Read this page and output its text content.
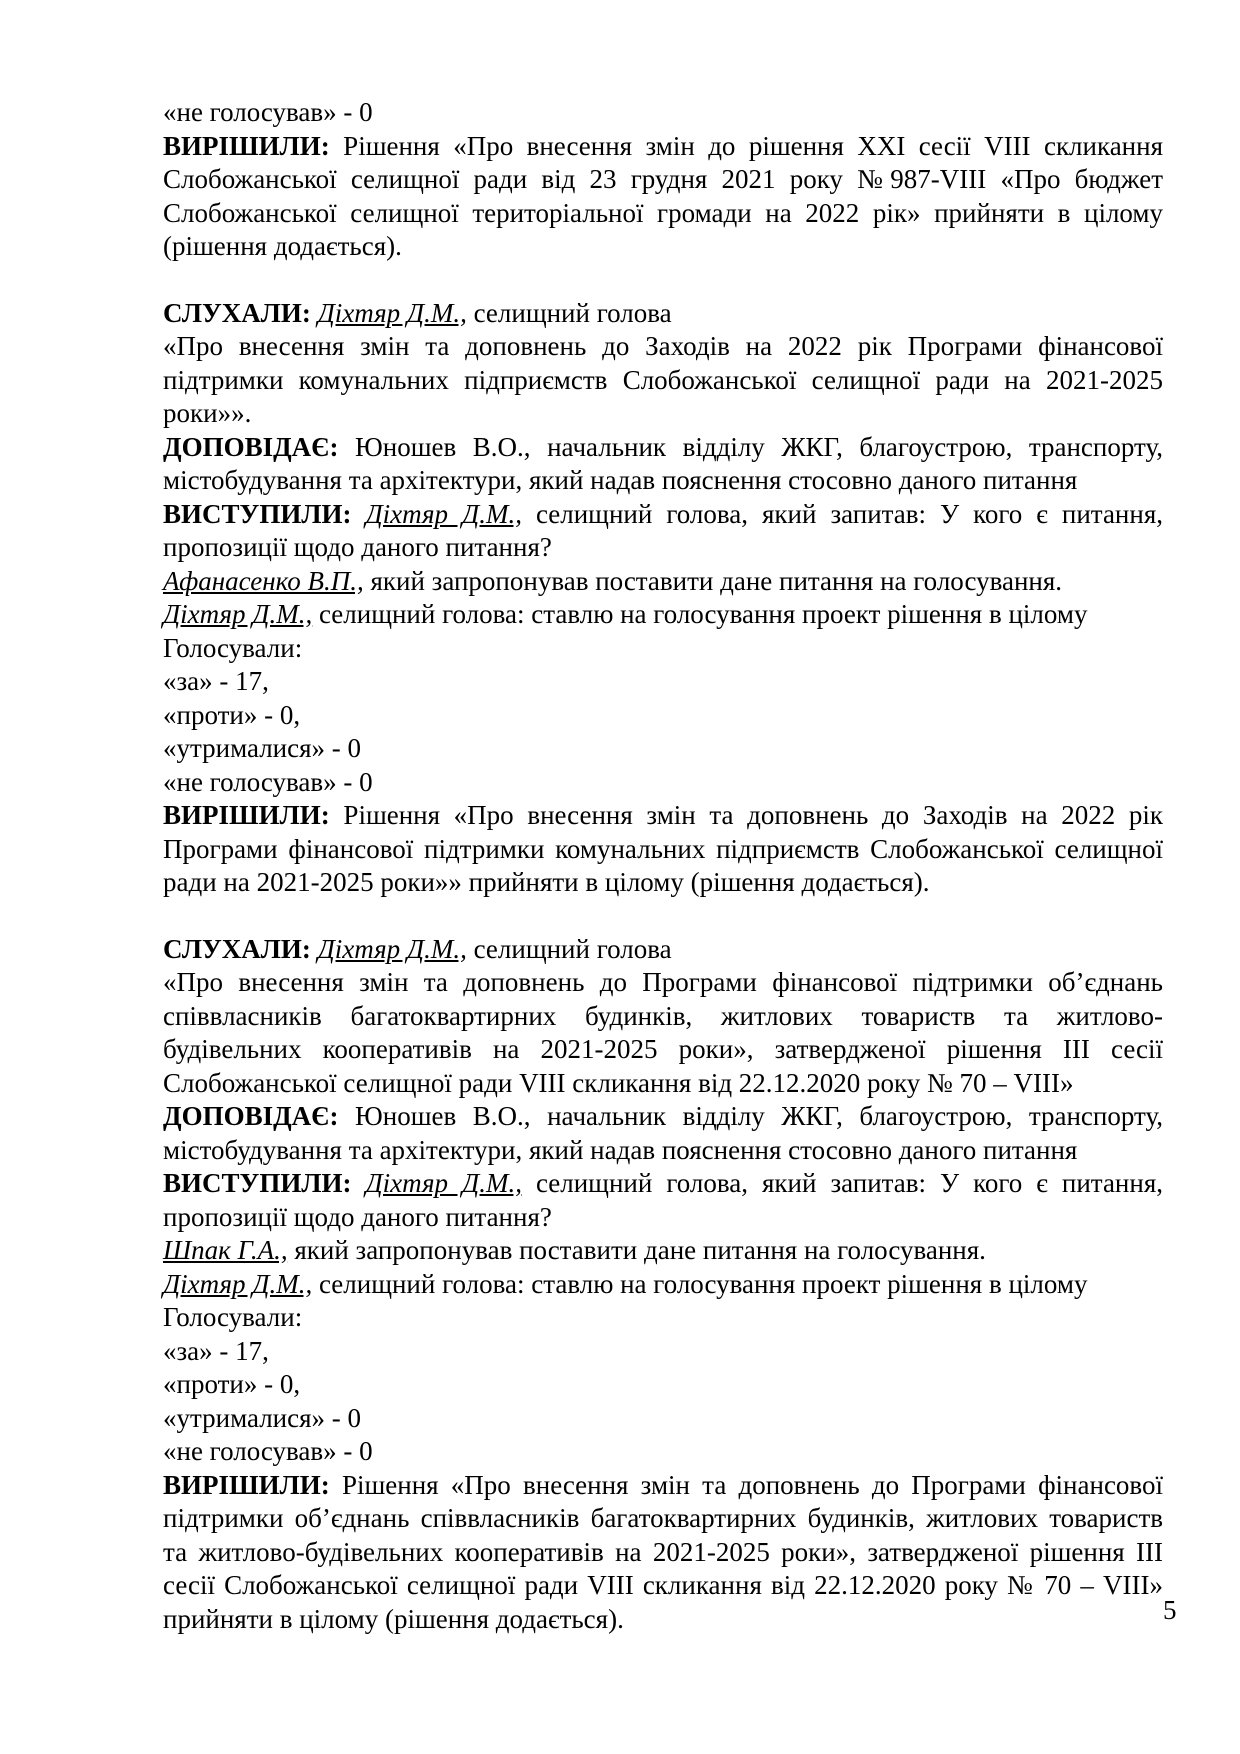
«не голосував» - 0

ВИРІШИЛИ: Рішення «Про внесення змін до рішення XXI сесії VIII скликання Слобожанської селищної ради від 23 грудня 2021 року №987-VIII «Про бюджет Слобожанської селищної територіальної громади на 2022 рік» прийняти в цілому (рішення додається).

СЛУХАЛИ: Діхтяр Д.М., селищний голова

«Про внесення змін та доповнень до Заходів на 2022 рік Програми фінансової підтримки комунальних підприємств Слобожанської селищної ради на 2021-2025 роки»».

ДОПОВІДАЄ: Юношев В.О., начальник відділу ЖКГ, благоустрою, транспорту, містобудування та архітектури, який надав пояснення стосовно даного питання

ВИСТУПИЛИ: Діхтяр Д.М., селищний голова, який запитав: У кого є питання, пропозиції щодо даного питання?

Афанасенко В.П., який запропонував поставити дане питання на голосування.

Діхтяр Д.М., селищний голова: ставлю на голосування проект рішення в цілому

Голосували:

«за» - 17,

«проти» - 0,

«утрималися» - 0

«не голосував» - 0

ВИРІШИЛИ: Рішення «Про внесення змін та доповнень до Заходів на 2022 рік Програми фінансової підтримки комунальних підприємств Слобожанської селищної ради на 2021-2025 роки»» прийняти в цілому (рішення додається).

СЛУХАЛИ: Діхтяр Д.М., селищний голова

«Про внесення змін та доповнень до Програми фінансової підтримки об’єднань співвласників багатоквартирних будинків, житлових товариств та житлово-будівельних кооперативів на 2021-2025 роки», затвердженої рішення ІІІ сесії Слобожанської селищної ради VIII скликання від 22.12.2020 року № 70 – VIII»

ДОПОВІДАЄ: Юношев В.О., начальник відділу ЖКГ, благоустрою, транспорту, містобудування та архітектури, який надав пояснення стосовно даного питання

ВИСТУПИЛИ: Діхтяр Д.М., селищний голова, який запитав: У кого є питання, пропозиції щодо даного питання?

Шпак Г.А., який запропонував поставити дане питання на голосування.

Діхтяр Д.М., селищний голова: ставлю на голосування проект рішення в цілому

Голосували:

«за» - 17,

«проти» - 0,

«утрималися» - 0

«не голосував» - 0

ВИРІШИЛИ: Рішення «Про внесення змін та доповнень до Програми фінансової підтримки об’єднань співвласників багатоквартирних будинків, житлових товариств та житлово-будівельних кооперативів на 2021-2025 роки», затвердженої рішення ІІІ сесії Слобожанської селищної ради VIII скликання від 22.12.2020 року № 70 – VIII» прийняти в цілому (рішення додається).	5
